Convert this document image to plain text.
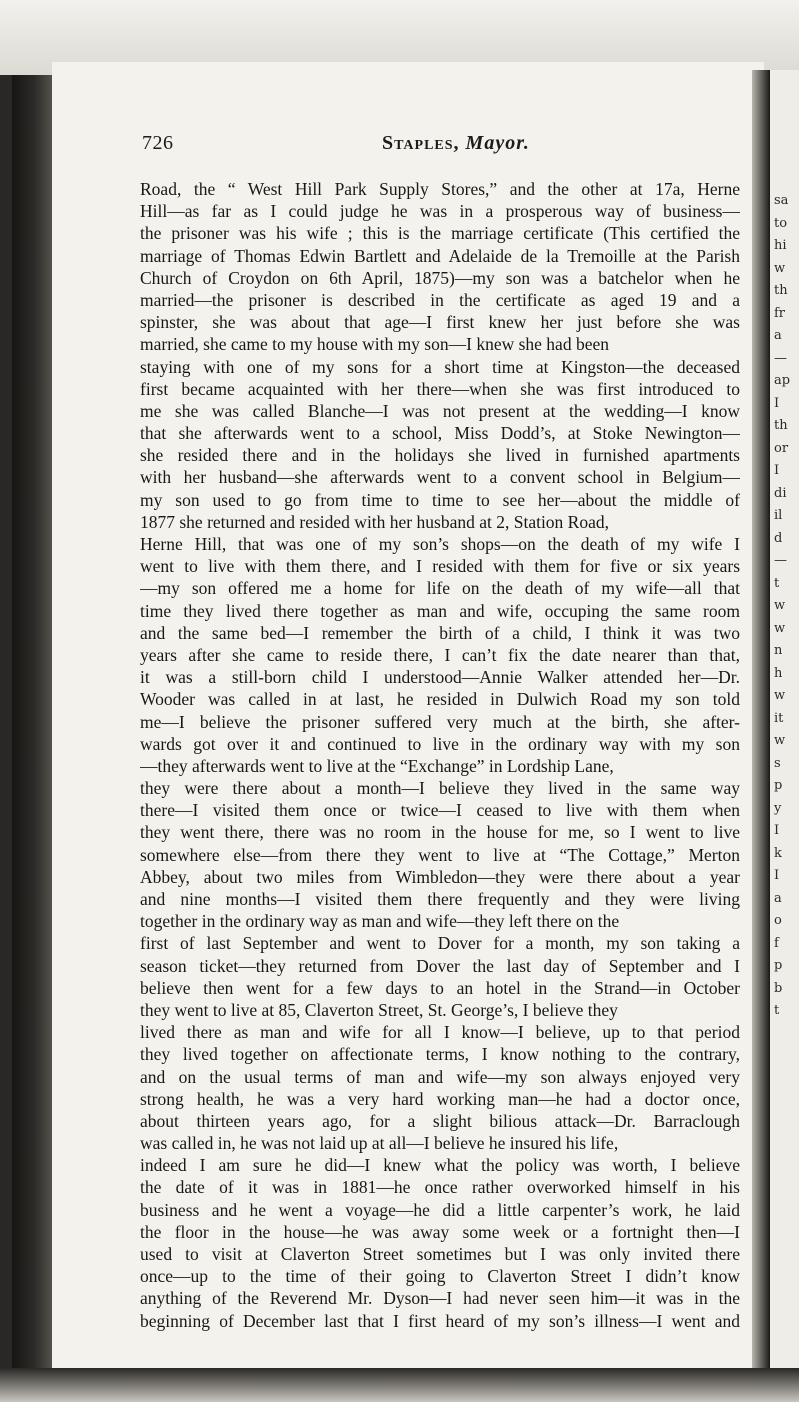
sa
to
hi
w
th
fr
a
—
ap
I
th
or
I
di
il
d
—
t
w
w
n
h
w
it
w
s
p
y
I
k
I
a
o
f
p
b
t
726	Staples, Mayor.
Road, the “ West Hill Park Supply Stores,” and the other at 17a, Herne
Hill—as far as I could judge he was in a prosperous way of business—
the prisoner was his wife ; this is the marriage certificate (This certified the
marriage of Thomas Edwin Bartlett and Adelaide de la Tremoille at the Parish
Church of Croydon on 6th April, 1875)—my son was a batchelor when he
married—the prisoner is described in the certificate as aged 19 and a
spinster, she was about that age—I first knew her just before she was
married, she came to my house with my son—I knew she had been
staying with one of my sons for a short time at Kingston—the deceased
first became acquainted with her there—when she was first introduced to
me she was called Blanche—I was not present at the wedding—I know
that she afterwards went to a school, Miss Dodd’s, at Stoke Newington—
she resided there and in the holidays she lived in furnished apartments
with her husband—she afterwards went to a convent school in Belgium—
my son used to go from time to time to see her—about the middle of
1877 she returned and resided with her husband at 2, Station Road,
Herne Hill, that was one of my son’s shops—on the death of my wife I
went to live with them there, and I resided with them for five or six years
—my son offered me a home for life on the death of my wife—all that
time they lived there together as man and wife, occuping the same room
and the same bed—I remember the birth of a child, I think it was two
years after she came to reside there, I can’t fix the date nearer than that,
it was a still-born child I understood—Annie Walker attended her—Dr.
Wooder was called in at last, he resided in Dulwich Road my son told
me—I believe the prisoner suffered very much at the birth, she after-
wards got over it and continued to live in the ordinary way with my son
—they afterwards went to live at the “Exchange” in Lordship Lane,
they were there about a month—I believe they lived in the same way
there—I visited them once or twice—I ceased to live with them when
they went there, there was no room in the house for me, so I went to live
somewhere else—from there they went to live at “The Cottage,” Merton
Abbey, about two miles from Wimbledon—they were there about a year
and nine months—I visited them there frequently and they were living
together in the ordinary way as man and wife—they left there on the
first of last September and went to Dover for a month, my son taking a
season ticket—they returned from Dover the last day of September and I
believe then went for a few days to an hotel in the Strand—in October
they went to live at 85, Claverton Street, St. George’s, I believe they
lived there as man and wife for all I know—I believe, up to that period
they lived together on affectionate terms, I know nothing to the contrary,
and on the usual terms of man and wife—my son always enjoyed very
strong health, he was a very hard working man—he had a doctor once,
about thirteen years ago, for a slight bilious attack—Dr. Barraclough
was called in, he was not laid up at all—I believe he insured his life,
indeed I am sure he did—I knew what the policy was worth, I believe
the date of it was in 1881—he once rather overworked himself in his
business and he went a voyage—he did a little carpenter’s work, he laid
the floor in the house—he was away some week or a fortnight then—I
used to visit at Claverton Street sometimes but I was only invited there
once—up to the time of their going to Claverton Street I didn’t know
anything of the Reverend Mr. Dyson—I had never seen him—it was in the
beginning of December last that I first heard of my son’s illness—I went and
